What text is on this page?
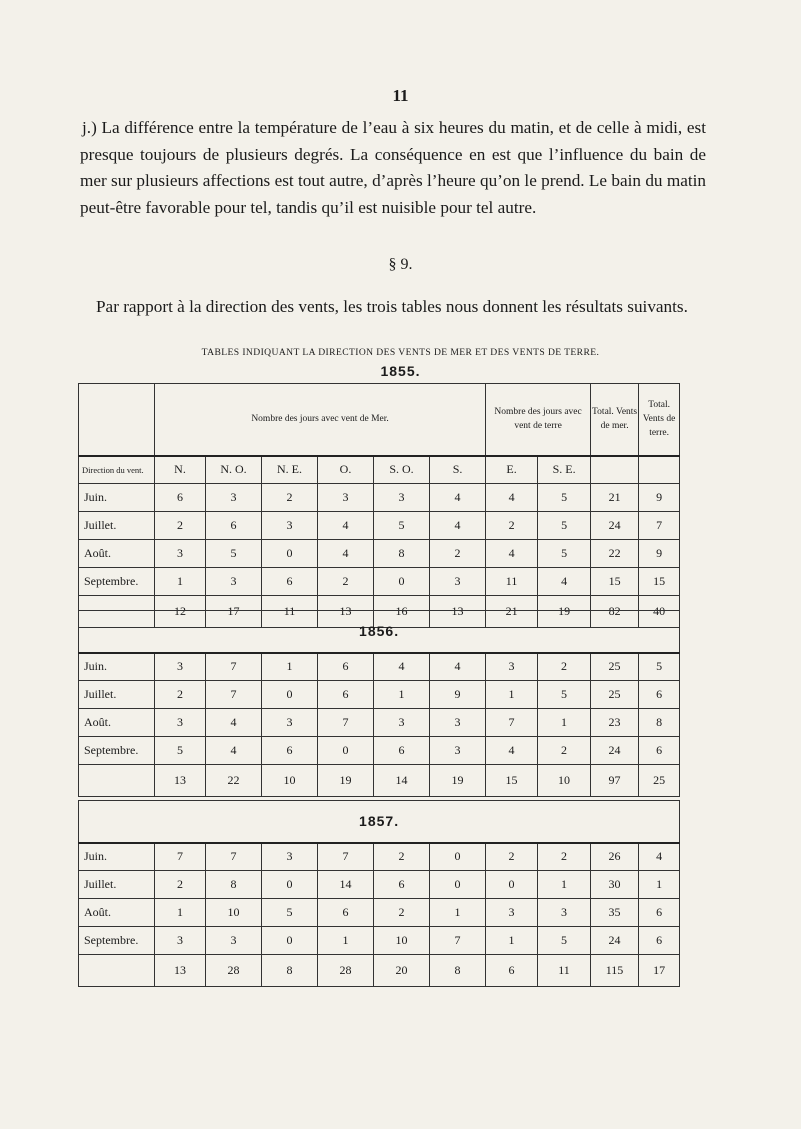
11
j.) La différence entre la température de l’eau à six heures du matin, et de celle à midi, est presque toujours de plusieurs degrés. La conséquence en est que l’influence du bain de mer sur plusieurs affections est tout autre, d’après l’heure qu’on le prend. Le bain du matin peut-être favorable pour tel, tandis qu’il est nuisible pour tel autre.
§ 9.
Par rapport à la direction des vents, les trois tables nous donnent les résultats suivants.
TABLES INDIQUANT LA DIRECTION DES VENTS DE MER ET DES VENTS DE TERRE.
1855.
	Nombre des jours avec vent de Mer.						Nombre des jours avec vent de terre		Total. Vents de mer.	Total. Vents de terre.
Direction du vent.	N.	N. O.	N. E.	O.	S. O.	S.	E.	S. E.		
Juin.	6	3	2	3	3	4	4	5	21	9
Juillet.	2	6	3	4	5	4	2	5	24	7
Août.	3	5	0	4	8	2	4	5	22	9
Septembre.	1	3	6	2	0	3	11	4	15	15
	12	17	11	13	16	13	21	19	82	40
1856.										
Juin.	3	7	1	6	4	4	3	2	25	5
Juillet.	2	7	0	6	1	9	1	5	25	6
Août.	3	4	3	7	3	3	7	1	23	8
Septembre.	5	4	6	0	6	3	4	2	24	6
	13	22	10	19	14	19	15	10	97	25
1857.										
Juin.	7	7	3	7	2	0	2	2	26	4
Juillet.	2	8	0	14	6	0	0	1	30	1
Août.	1	10	5	6	2	1	3	3	35	6
Septembre.	3	3	0	1	10	7	1	5	24	6
	13	28	8	28	20	8	6	11	115	17
